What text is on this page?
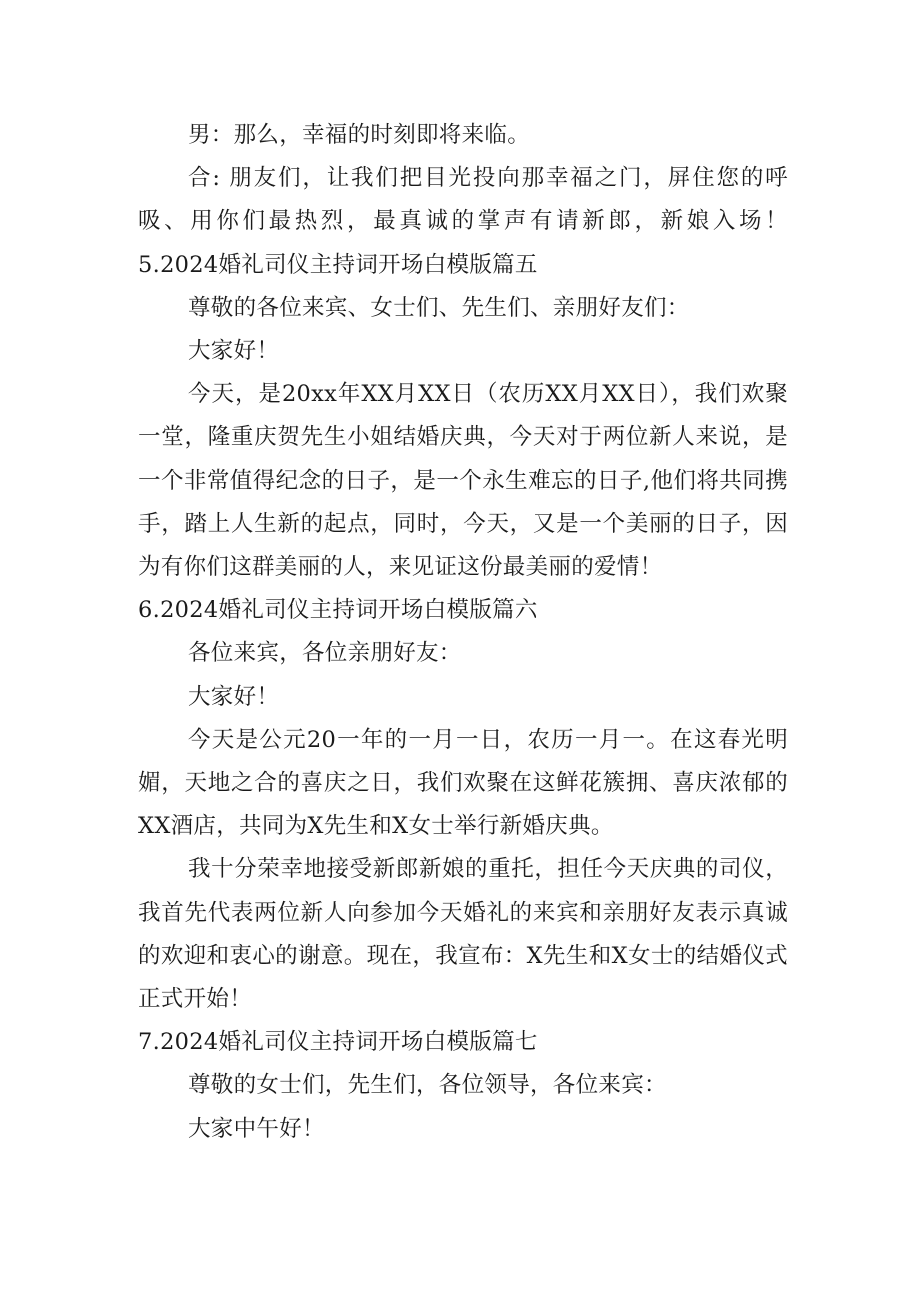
男：那么，幸福的时刻即将来临。

合: 朋友们，让我们把目光投向那幸福之门，屏住您的呼吸、用你们最热烈，最真诚的掌声有请新郎，新娘入场！5.2024婚礼司仪主持词开场白模版篇五

尊敬的各位来宾、女士们、先生们、亲朋好友们：

大家好！

今天，是20xx年XX月XX日（农历XX月XX日），我们欢聚一堂，隆重庆贺先生小姐结婚庆典，今天对于两位新人来说，是一个非常值得纪念的日子，是一个永生难忘的日子,他们将共同携手，踏上人生新的起点，同时，今天，又是一个美丽的日子，因为有你们这群美丽的人，来见证这份最美丽的爱情！

6.2024婚礼司仪主持词开场白模版篇六

各位来宾，各位亲朋好友：

大家好！

今天是公元20一年的一月一日，农历一月一。在这春光明媚，天地之合的喜庆之日，我们欢聚在这鲜花簇拥、喜庆浓郁的XX酒店，共同为X先生和X女士举行新婚庆典。

我十分荣幸地接受新郎新娘的重托，担任今天庆典的司仪，我首先代表两位新人向参加今天婚礼的来宾和亲朋好友表示真诚的欢迎和衷心的谢意。现在，我宣布：X先生和X女士的结婚仪式正式开始！

7.2024婚礼司仪主持词开场白模版篇七

尊敬的女士们，先生们，各位领导，各位来宾：

大家中午好！
